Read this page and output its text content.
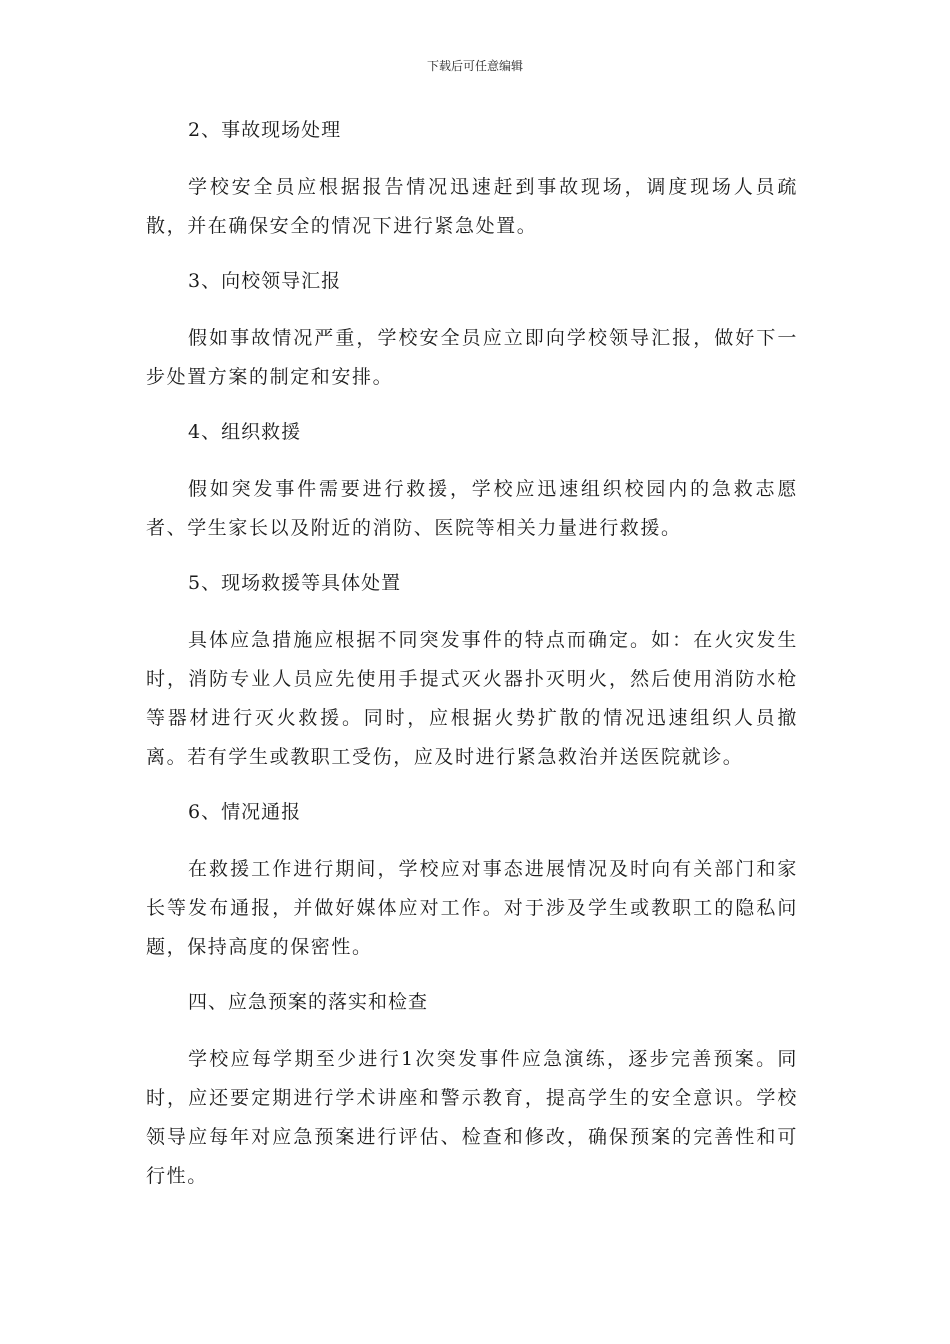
下载后可任意编辑

2、事故现场处理

学校安全员应根据报告情况迅速赶到事故现场，调度现场人员疏散，并在确保安全的情况下进行紧急处置。

3、向校领导汇报

假如事故情况严重，学校安全员应立即向学校领导汇报，做好下一步处置方案的制定和安排。

4、组织救援

假如突发事件需要进行救援，学校应迅速组织校园内的急救志愿者、学生家长以及附近的消防、医院等相关力量进行救援。

5、现场救援等具体处置

具体应急措施应根据不同突发事件的特点而确定。如：在火灾发生时，消防专业人员应先使用手提式灭火器扑灭明火，然后使用消防水枪等器材进行灭火救援。同时，应根据火势扩散的情况迅速组织人员撤离。若有学生或教职工受伤，应及时进行紧急救治并送医院就诊。

6、情况通报

在救援工作进行期间，学校应对事态进展情况及时向有关部门和家长等发布通报，并做好媒体应对工作。对于涉及学生或教职工的隐私问题，保持高度的保密性。

四、应急预案的落实和检查

学校应每学期至少进行1次突发事件应急演练，逐步完善预案。同时，应还要定期进行学术讲座和警示教育，提高学生的安全意识。学校领导应每年对应急预案进行评估、检查和修改，确保预案的完善性和可行性。
